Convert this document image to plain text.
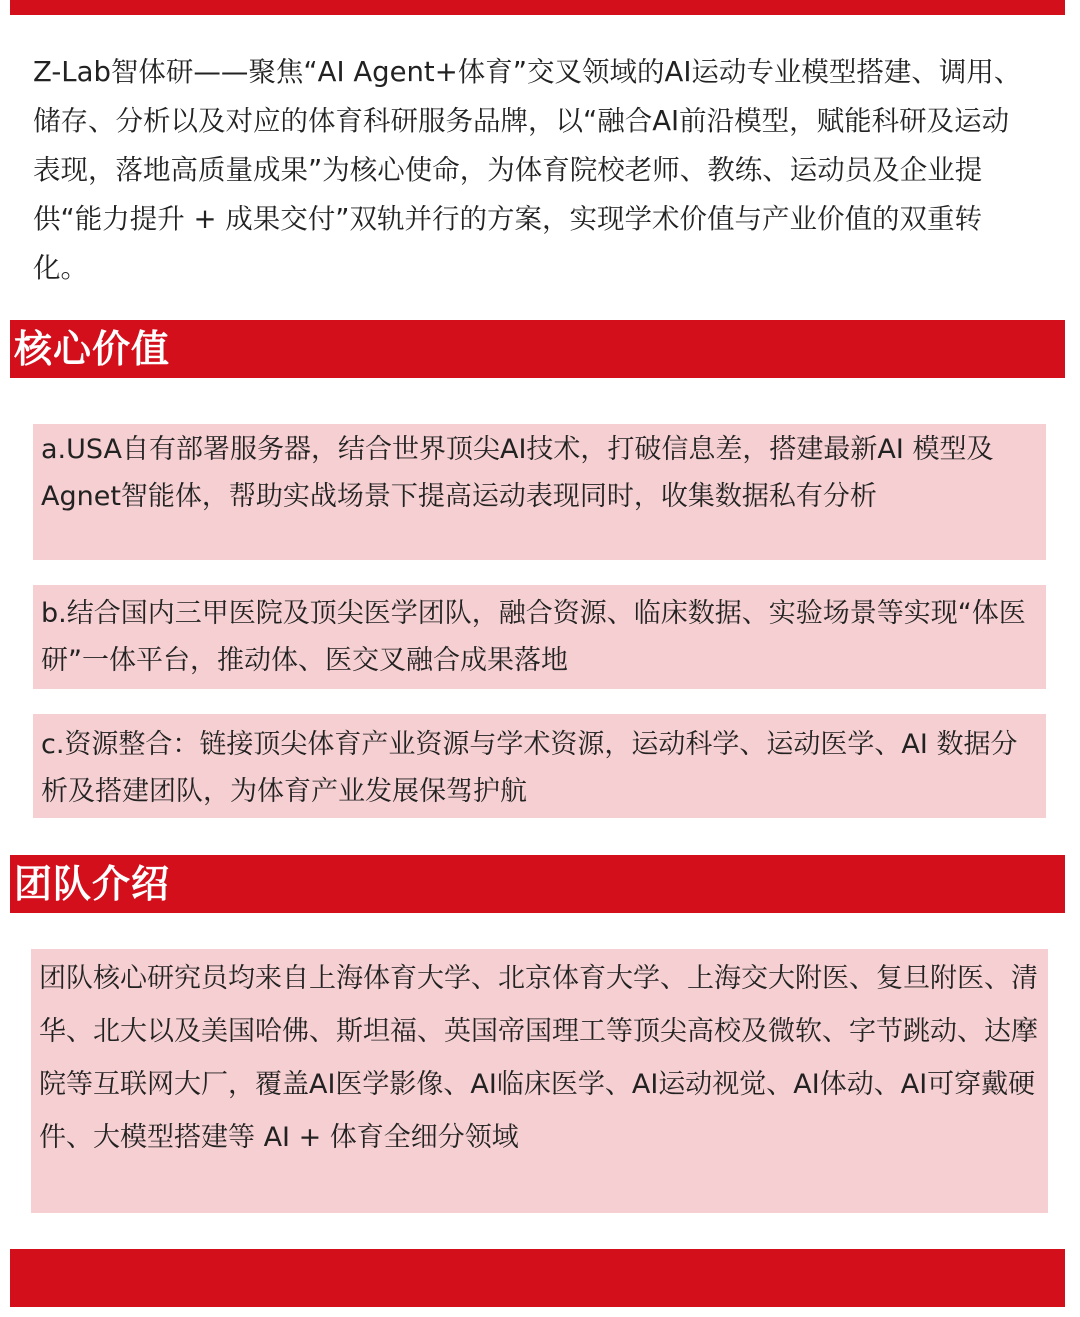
Z-Lab智体研——聚焦“AI Agent+体育”交叉领域的AI运动专业模型搭建、调用、储存、分析以及对应的体育科研服务品牌，以“融合AI前沿模型，赋能科研及运动表现，落地高质量成果”为核心使命，为体育院校老师、教练、运动员及企业提供“能力提升 + 成果交付”双轨并行的方案，实现学术价值与产业价值的双重转化。

核心价值

a.USA自有部署服务器，结合世界顶尖AI技术，打破信息差，搭建最新AI 模型及Agnet智能体，帮助实战场景下提高运动表现同时，收集数据私有分析

b.结合国内三甲医院及顶尖医学团队，融合资源、临床数据、实验场景等实现“体医研”一体平台，推动体、医交叉融合成果落地

c.资源整合：链接顶尖体育产业资源与学术资源，运动科学、运动医学、AI 数据分析及搭建团队，为体育产业发展保驾护航

团队介绍

团队核心研究员均来自上海体育大学、北京体育大学、上海交大附医、复旦附医、清华、北大以及美国哈佛、斯坦福、英国帝国理工等顶尖高校及微软、字节跳动、达摩院等互联网大厂，覆盖AI医学影像、AI临床医学、AI运动视觉、AI体动、AI可穿戴硬件、大模型搭建等 AI + 体育全细分领域
